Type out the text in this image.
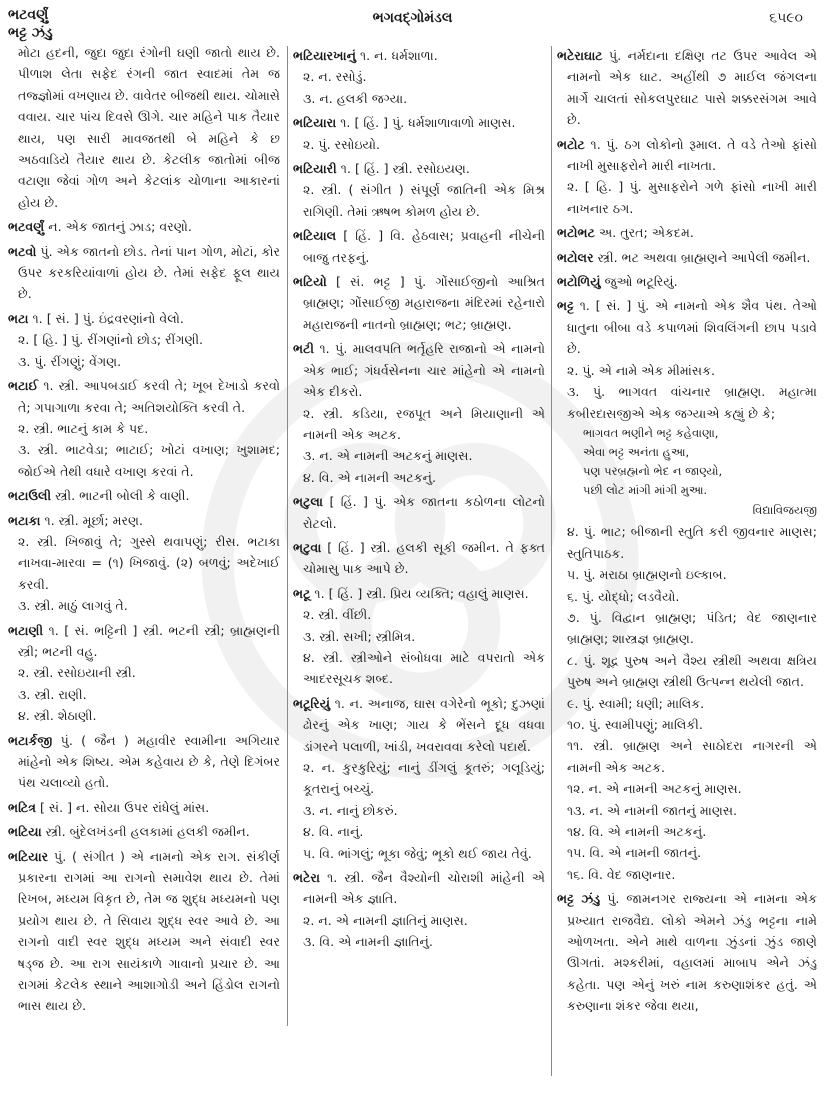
ભટવર્ણું
ભટ્ટ ઝંડુ
ભગવદ્ગોમંડલ	૬૫૯૦
મોટા હદની, જુદા જુદા રંગોની ઘણી જાતો થાય છે. પીળાશ લેતા સફેદ રંગની જાત સ્વાદમાં તેમ જ તજ્જ્ઞોમાં વખણાય છે. વાવેતર બીજથી થાય. ચોમાસે વવાય. ચાર પાંચ દિવસે ઊગે. ચાર મહિને પાક તૈયાર થાય, પણ સારી માવજતથી બે મહિને કે છ અઠવાડિયે તૈયાર થાય છે. કેટલીક જાતોમાં બીજ વટાણા જેવાં ગોળ અને કેટલાંક ચોળાના આકારનાં હોય છે.
ભટવર્ણું ન. એક જાતનું ઝાડ; વરણો.
ભટવો પું. એક જાતનો છોડ. તેનાં પાન ગોળ, મોટાં, કોર ઉપર કરકરિયાંવાળાં હોય છે. તેમાં સફેદ ફૂલ થાય છે.
ભટા ૧. [ સં. ] પું. ઇંદ્રવરણાંનો વેલો.
૨. [ હિ. ] પું. રીંગણાંનો છોડ; રીંગણી.
૩. પું. રીંગણું; વેંગણ.
ભટાઈ ૧. સ્ત્રી. આપબડાઈ કરવી તે; ખૂબ દેખાડો કરવો તે; ગપાગાળા કરવા તે; અતિશયોક્તિ કરવી તે.
૨. સ્ત્રી. ભાટનું કામ કે પદ.
૩. સ્ત્રી. ભાટવેડા; ભાટાઈ; ખોટાં વખાણ; ખુશામદ; જોઈએ તેથી વધારે વખાણ કરવાં તે.
ભટાઉલી સ્ત્રી. ભાટની બોલી કે વાણી.
ભટાકા ૧. સ્ત્રી. મૂર્છા; મરણ.
૨. સ્ત્રી. ખિજાવું તે; ગુસ્સે થવાપણું; રીસ. ભટાકા નાખવા-મારવા = (૧) ખિજાવું. (૨) બળવું; અદેખાઈ કરવી.
૩. સ્ત્રી. માઠું લાગવું તે.
ભટાણી ૧. [ સં. ભટ્ટિની ] સ્ત્રી. ભટની સ્ત્રી; બ્રાહ્મણની સ્ત્રી; ભટની વહુ.
૨. સ્ત્રી. રસોઇયાની સ્ત્રી.
૩. સ્ત્રી. રાણી.
૪. સ્ત્રી. શેઠાણી.
ભટાર્કજી પું. ( જૈન ) મહાવીર સ્વામીના અગિયાર માંહેનો એક શિષ્ય. એમ કહેવાય છે કે, તેણે દિગંબર પંથ ચલાવ્યો હતો.
ભટિત્ર [ સં. ] ન. સોયા ઉપર રાંધેલું માંસ.
ભટિયા સ્ત્રી. બુંદેલખંડની હલકામાં હલકી જમીન.
ભટિયાર પું. ( સંગીત ) એ નામનો એક રાગ. સંકીર્ણ પ્રકારના રાગમાં આ રાગનો સમાવેશ થાય છે. તેમાં રિખબ, મધ્યમ વિકૃત છે, તેમ જ શુદ્ધ મધ્યમનો પણ પ્રયોગ થાય છે. તે સિવાય શુદ્ધ સ્વર આવે છે. આ રાગનો વાદી સ્વર શુદ્ધ મધ્યમ અને સંવાદી સ્વર ષડ્જ છે. આ રાગ સાયંકાળે ગાવાનો પ્રચાર છે. આ રાગમાં કેટલેક સ્થાને આશાગોડી અને હિંડોલ રાગનો ભાસ થાય છે.
ભટિયારખાનું ૧. ન. ધર્મશાળા.
૨. ન. રસોડું.
૩. ન. હલકી જગ્યા.
ભટિયારા ૧. [ હિં. ] પું. ધર્મશાળાવાળો માણસ.
૨. પું. રસોઇયો.
ભટિયારી ૧. [ હિં. ] સ્ત્રી. રસોઇયણ.
૨. સ્ત્રી. ( સંગીત ) સંપૂર્ણ જાતિની એક મિશ્ર રાગિણી. તેમાં ઋષભ કોમળ હોય છે.
ભટિયાલ [ હિં. ] વિ. હેઠવાસ; પ્રવાહની નીચેની બાજુ તરફનું.
ભટિયો [ સં. ભટ્ટ ] પું. ગોંસાઈજીનો આશ્રિત બ્રાહ્મણ; ગોંસાઈજી મહારાજના મંદિરમાં રહેનારો મહારાજની નાતનો બ્રાહ્મણ; ભટ; બ્રાહ્મણ.
ભટી ૧. પું. માલવપતિ ભર્તૃહરિ રાજાનો એ નામનો એક ભાઈ; ગંધર્વસેનના ચાર માંહેનો એ નામનો એક દીકરો.
૨. સ્ત્રી. કડિયા, રજપૂત અને મિયાણાની એ નામની એક અટક.
૩. ન. એ નામની અટકનું માણસ.
૪. વિ. એ નામની અટકનું.
ભટુલા [ હિં. ] પું. એક જાતના કઠોળના લોટનો રોટલો.
ભટુવા [ હિં. ] સ્ત્રી. હલકી સૂકી જમીન. તે ફક્ત ચોમાસુ પાક આપે છે.
ભટૂ ૧. [ હિં. ] સ્ત્રી. પ્રિય વ્યક્તિ; વહાલું માણસ.
૨. સ્ત્રી. વીંછી.
૩. સ્ત્રી. સખી; સ્ત્રીમિત્ર.
૪. સ્ત્રી. સ્ત્રીઓને સંબોધવા માટે વપરાતો એક આદરસૂચક શબ્દ.
ભટૂરિયું ૧. ન. અનાજ, ઘાસ વગેરેનો ભૂકો; દુઝણાં ઢોરનું એક ખાણ; ગાય કે ભેંસને દૂધ વધવા ડાંગરને પલાળી, ખાંડી, ખવરાવવા કરેલો પદાર્થ.
૨. ન. કુરકુરિયું; નાનું ડીંગલું કૂતરું; ગલૂડિયું; કૂતરાનું બચ્ચું.
૩. ન. નાનું છોકરું.
૪. વિ. નાનું.
૫. વિ. ભાંગલું; ભૂકા જેવું; ભૂકો થઈ જાય તેવું.
ભટેરા ૧. સ્ત્રી. જૈન વૈશ્યોની ચોરાશી માંહેની એ નામની એક જ્ઞાતિ.
૨. ન. એ નામની જ્ઞાતિનું માણસ.
૩. વિ. એ નામની જ્ઞાતિનું.
ભટેરાઘાટ પું. નર્મદાના દક્ષિણ તટ ઉપર આવેલ એ નામનો એક ઘાટ. અહીંથી ૭ માઈલ જંગલના માર્ગે ચાલતાં સોકલપુરઘાટ પાસે શક્કરસંગમ આવે છે.
ભટોટ ૧. પું. ઠગ લોકોનો રૂમાલ. તે વડે તેઓ ફાંસો નાખી મુસાફરોને મારી નાખતા.
૨. [ હિ. ] પું. મુસાફરોને ગળે ફાંસો નાખી મારી નાખનાર ઠગ.
ભટોભટ અ. તુરત; એકદમ.
ભટોલર સ્ત્રી. ભટ અથવા બ્રાહ્મણને આપેલી જમીન.
ભટોળિયું જુઓ ભટૂરિયું.
ભટ્ટ ૧. [ સં. ] પું. એ નામનો એક શૈવ પંથ. તેઓ ધાતુના બીબા વડે કપાળમાં શિવલિંગની છાપ પડાવે છે.
૨. પું. એ નામે એક મીમાંસક.
૩. પું. ભાગવત વાંચનાર બ્રાહ્મણ. મહાત્મા કબીરદાસજીએ એક જગ્યાએ કહ્યું છે કે;
ભાગવત ભણીને ભટ્ટ કહેવાણા,
એવા ભટ્ટ અનંતા હુઆ,
પણ પરબ્રહ્મનો ભેદ ન જાણ્યો,
પછી લોટ માંગી માંગી મુઆ.
વિદ્યાવિજયજી
૪. પું. ભાટ; બીજાની સ્તુતિ કરી જીવનાર માણસ; સ્તુતિપાઠક.
૫. પું. મરાઠા બ્રાહ્મણનો ઇલ્કાબ.
૬. પું. યોદ્ધો; લડવૈયો.
૭. પું. વિદ્વાન બ્રાહ્મણ; પંડિત; વેદ જાણનાર બ્રાહ્મણ; શાસ્ત્રજ્ઞ બ્રાહ્મણ.
૮. પું. શૂદ્ર પુરુષ અને વૈશ્ય સ્ત્રીથી અથવા ક્ષત્રિય પુરુષ અને બ્રાહ્મણ સ્ત્રીથી ઉત્પન્ન થયેલી જાત.
૯. પું. સ્વામી; ધણી; માલિક.
૧૦. પું. સ્વામીપણું; માલિકી.
૧૧. સ્ત્રી. બ્રાહ્મણ અને સાઠોદરા નાગરની એ નામની એક અટક.
૧૨. ન. એ નામની અટકનું માણસ.
૧૩. ન. એ નામની જાતનું માણસ.
૧૪. વિ. એ નામની અટકનું.
૧૫. વિ. એ નામની જાતનું.
૧૬. વિ. વેદ જાણનાર.
ભટ્ટ ઝંડુ પું. જામનગર રાજ્યના એ નામના એક પ્રખ્યાત રાજવૈદ્ય. લોકો એમને ઝંડુ ભટ્ટના નામે ઓળખતા. એને માથે વાળના ઝુંડનાં ઝુંડ જાણે ઊગતાં. મશ્કરીમાં, વહાલમાં માબાપ એને ઝંડુ કહેતા. પણ એનું ખરું નામ કરુણાશંકર હતું. એ કરુણાના શંકર જેવા થયા,
